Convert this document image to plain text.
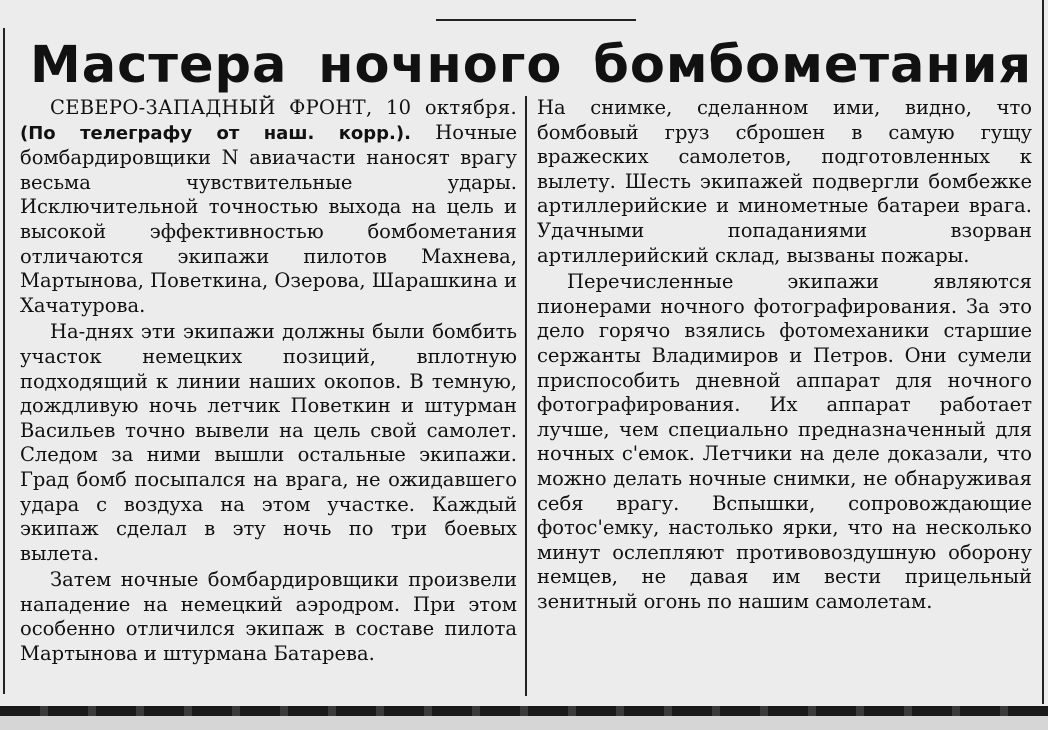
Мастера ночного бомбометания

СЕВЕРО-ЗАПАДНЫЙ ФРОНТ, 10 октября. (По телеграфу от наш. корр.). Ночные бомбардировщики N авиачасти наносят врагу весьма чувствительные удары. Исключительной точностью выхода на цель и высокой эффективностью бомбометания отличаются экипажи пилотов Махнева, Мартынова, Поветкина, Озерова, Шарашкина и Хачатурова.

На-днях эти экипажи должны были бомбить участок немецких позиций, вплотную подходящий к линии наших окопов. В темную, дождливую ночь летчик Поветкин и штурман Васильев точно вывели на цель свой самолет. Следом за ними вышли остальные экипажи. Град бомб посыпался на врага, не ожидавшего удара с воздуха на этом участке. Каждый экипаж сделал в эту ночь по три боевых вылета.

Затем ночные бомбардировщики произвели нападение на немецкий аэродром. При этом особенно отличился экипаж в составе пилота Мартынова и штурмана Батарева.

На снимке, сделанном ими, видно, что бомбовый груз сброшен в самую гущу вражеских самолетов, подготовленных к вылету. Шесть экипажей подвергли бомбежке артиллерийские и минометные батареи врага. Удачными попаданиями взорван артиллерийский склад, вызваны пожары.

Перечисленные экипажи являются пионерами ночного фотографирования. За это дело горячо взялись фотомеханики старшие сержанты Владимиров и Петров. Они сумели приспособить дневной аппарат для ночного фотографирования. Их аппарат работает лучше, чем специально предназначенный для ночных с'емок. Летчики на деле доказали, что можно делать ночные снимки, не обнаруживая себя врагу. Вспышки, сопровождающие фотос'емку, настолько ярки, что на несколько минут ослепляют противовоздушную оборону немцев, не давая им вести прицельный зенитный огонь по нашим самолетам.
